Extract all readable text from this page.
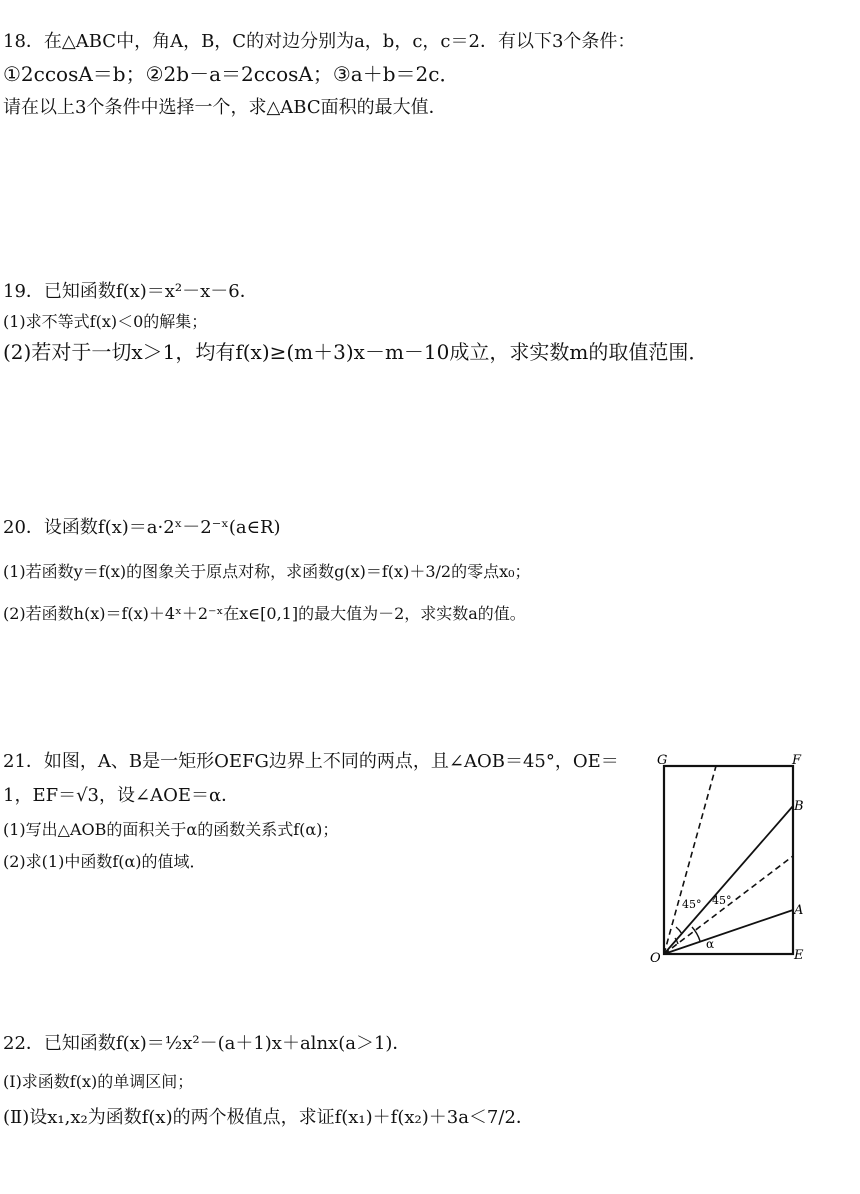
18．在△ABC中，角A，B，C的对边分别为a，b，c，c＝2．有以下3个条件：
①2ccosA＝b；②2b－a＝2ccosA；③a＋b＝2c．
请在以上3个条件中选择一个，求△ABC面积的最大值．
19．已知函数f(x)＝x²－x－6．
(1)求不等式f(x)＜0的解集；
(2)若对于一切x＞1，均有f(x)≥(m＋3)x－m－10成立，求实数m的取值范围．
20．设函数f(x)＝a·2ˣ－2⁻ˣ(a∈R)
(1)若函数y＝f(x)的图象关于原点对称，求函数g(x)＝f(x)＋3/2的零点x₀；
(2)若函数h(x)＝f(x)＋4ˣ＋2⁻ˣ在x∈[0,1]的最大值为－2，求实数a的值。
21．如图，A、B是一矩形OEFG边界上不同的两点，且∠AOB＝45°，OE＝
1，EF＝√3，设∠AOE＝α．
(1)写出△AOB的面积关于α的函数关系式f(α)；
(2)求(1)中函数f(α)的值域．
G	F
B
A
O	E
45° 45°
α
22．已知函数f(x)＝½x²－(a＋1)x＋alnx(a＞1)．
(Ⅰ)求函数f(x)的单调区间；
(Ⅱ)设x₁,x₂为函数f(x)的两个极值点，求证f(x₁)＋f(x₂)＋3a＜7/2．
